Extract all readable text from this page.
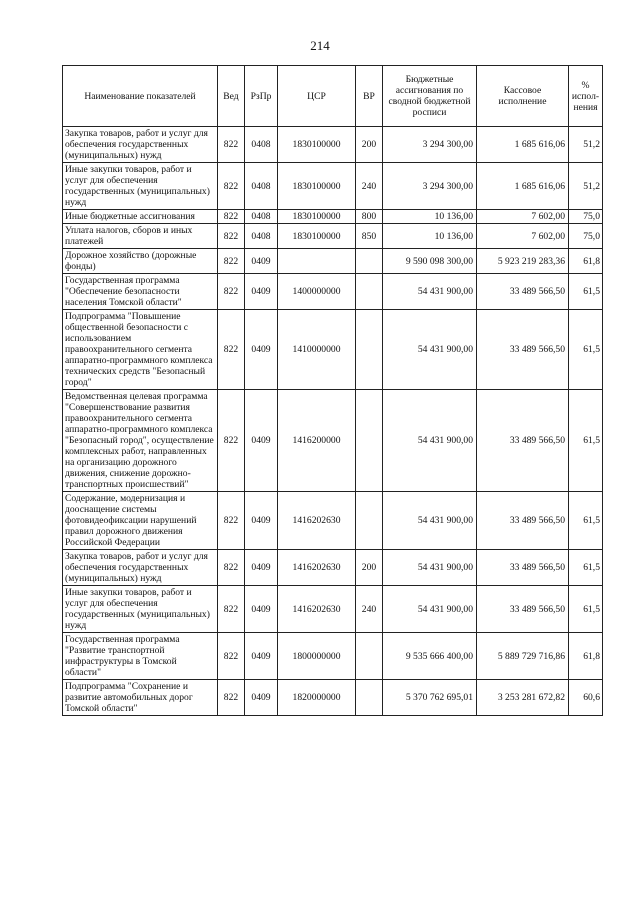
214
Наименование показателей	Вед	РзПр	ЦСР	ВР	Бюджетные ассигнования по сводной бюджетной росписи	Кассовое исполнение	% испол-нения
Закупка товаров, работ и услуг для обеспечения государственных (муниципальных) нужд	822	0408	1830100000	200	3 294 300,00	1 685 616,06	51,2
Иные закупки товаров, работ и услуг для обеспечения государственных (муниципальных) нужд	822	0408	1830100000	240	3 294 300,00	1 685 616,06	51,2
Иные бюджетные ассигнования	822	0408	1830100000	800	10 136,00	7 602,00	75,0
Уплата налогов, сборов и иных платежей	822	0408	1830100000	850	10 136,00	7 602,00	75,0
Дорожное хозяйство (дорожные фонды)	822	0409			9 590 098 300,00	5 923 219 283,36	61,8
Государственная программа "Обеспечение безопасности населения Томской области"	822	0409	1400000000		54 431 900,00	33 489 566,50	61,5
Подпрограмма "Повышение общественной безопасности с использованием правоохранительного сегмента аппаратно-программного комплекса технических средств "Безопасный город"	822	0409	1410000000		54 431 900,00	33 489 566,50	61,5
Ведомственная целевая программа "Совершенствование развития правоохранительного сегмента аппаратно-программного комплекса "Безопасный город", осуществление комплексных работ, направленных на организацию дорожного движения, снижение дорожно-транспортных происшествий"	822	0409	1416200000		54 431 900,00	33 489 566,50	61,5
Содержание, модернизация и дооснащение системы фотовидеофиксации нарушений правил дорожного движения Российской Федерации	822	0409	1416202630		54 431 900,00	33 489 566,50	61,5
Закупка товаров, работ и услуг для обеспечения государственных (муниципальных) нужд	822	0409	1416202630	200	54 431 900,00	33 489 566,50	61,5
Иные закупки товаров, работ и услуг для обеспечения государственных (муниципальных) нужд	822	0409	1416202630	240	54 431 900,00	33 489 566,50	61,5
Государственная программа "Развитие транспортной инфраструктуры в Томской области"	822	0409	1800000000		9 535 666 400,00	5 889 729 716,86	61,8
Подпрограмма "Сохранение и развитие автомобильных дорог Томской области"	822	0409	1820000000		5 370 762 695,01	3 253 281 672,82	60,6
